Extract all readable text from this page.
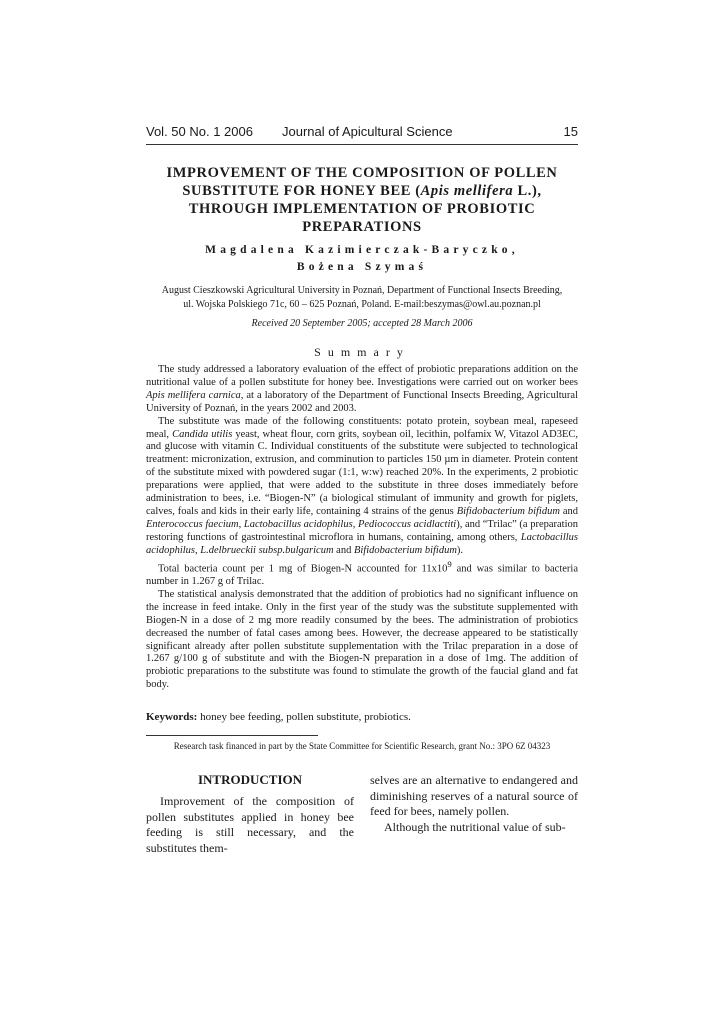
Vol. 50 No. 1 2006 Journal of Apicultural Science	15
IMPROVEMENT OF THE COMPOSITION OF POLLEN
SUBSTITUTE FOR HONEY BEE (Apis mellifera L.),
THROUGH IMPLEMENTATION OF PROBIOTIC
PREPARATIONS
Magdalena Kazimierczak-Baryczko,
Bożena Szymaś
August Cieszkowski Agricultural University in Poznań, Department of Functional Insects Breeding,
ul. Wojska Polskiego 71c, 60 – 625 Poznań, Poland. E-mail:beszymas@owl.au.poznan.pl
Received 20 September 2005; accepted 28 March 2006
Summary

The study addressed a laboratory evaluation of the effect of probiotic preparations addition on the nutritional value of a pollen substitute for honey bee. Investigations were carried out on worker bees Apis mellifera carnica, at a laboratory of the Department of Functional Insects Breeding, Agricultural University of Poznań, in the years 2002 and 2003.

The substitute was made of the following constituents: potato protein, soybean meal, rapeseed meal, Candida utilis yeast, wheat flour, corn grits, soybean oil, lecithin, polfamix W, Vitazol AD3EC, and glucose with vitamin C. Individual constituents of the substitute were subjected to technological treatment: micronization, extrusion, and comminution to particles 150 µm in diameter. Protein content of the substitute mixed with powdered sugar (1:1, w:w) reached 20%. In the experiments, 2 probiotic preparations were applied, that were added to the substitute in three doses immediately before administration to bees, i.e. “Biogen-N” (a biological stimulant of immunity and growth for piglets, calves, foals and kids in their early life, containing 4 strains of the genus Bifidobacterium bifidum and Enterococcus faecium, Lactobacillus acidophilus, Pediococcus acidlactiti), and “Trilac” (a preparation restoring functions of gastrointestinal microflora in humans, containing, among others, Lactobacillus acidophilus, L.delbrueckii subsp.bulgaricum and Bifidobacterium bifidum).

Total bacteria count per 1 mg of Biogen-N accounted for $11x10^9$ and was similar to bacteria number in 1.267 g of Trilac.

The statistical analysis demonstrated that the addition of probiotics had no significant influence on the increase in feed intake. Only in the first year of the study was the substitute supplemented with Biogen-N in a dose of 2 mg more readily consumed by the bees. The administration of probiotics decreased the number of fatal cases among bees. However, the decrease appeared to be statistically significant already after pollen substitute supplementation with the Trilac preparation in a dose of 1.267 g/100 g of substitute and with the Biogen-N preparation in a dose of 1mg. The addition of probiotic preparations to the substitute was found to stimulate the growth of the faucial gland and fat body.

Keywords: honey bee feeding, pollen substitute, probiotics.
Research task financed in part by the State Committee for Scientific Research, grant No.: 3PO 6Z 04323
INTRODUCTION

Improvement of the composition of pollen substitutes applied in honey bee feeding is still necessary, and the substitutes them-

selves are an alternative to endangered and diminishing reserves of a natural source of feed for bees, namely pollen.

Although the nutritional value of sub-
